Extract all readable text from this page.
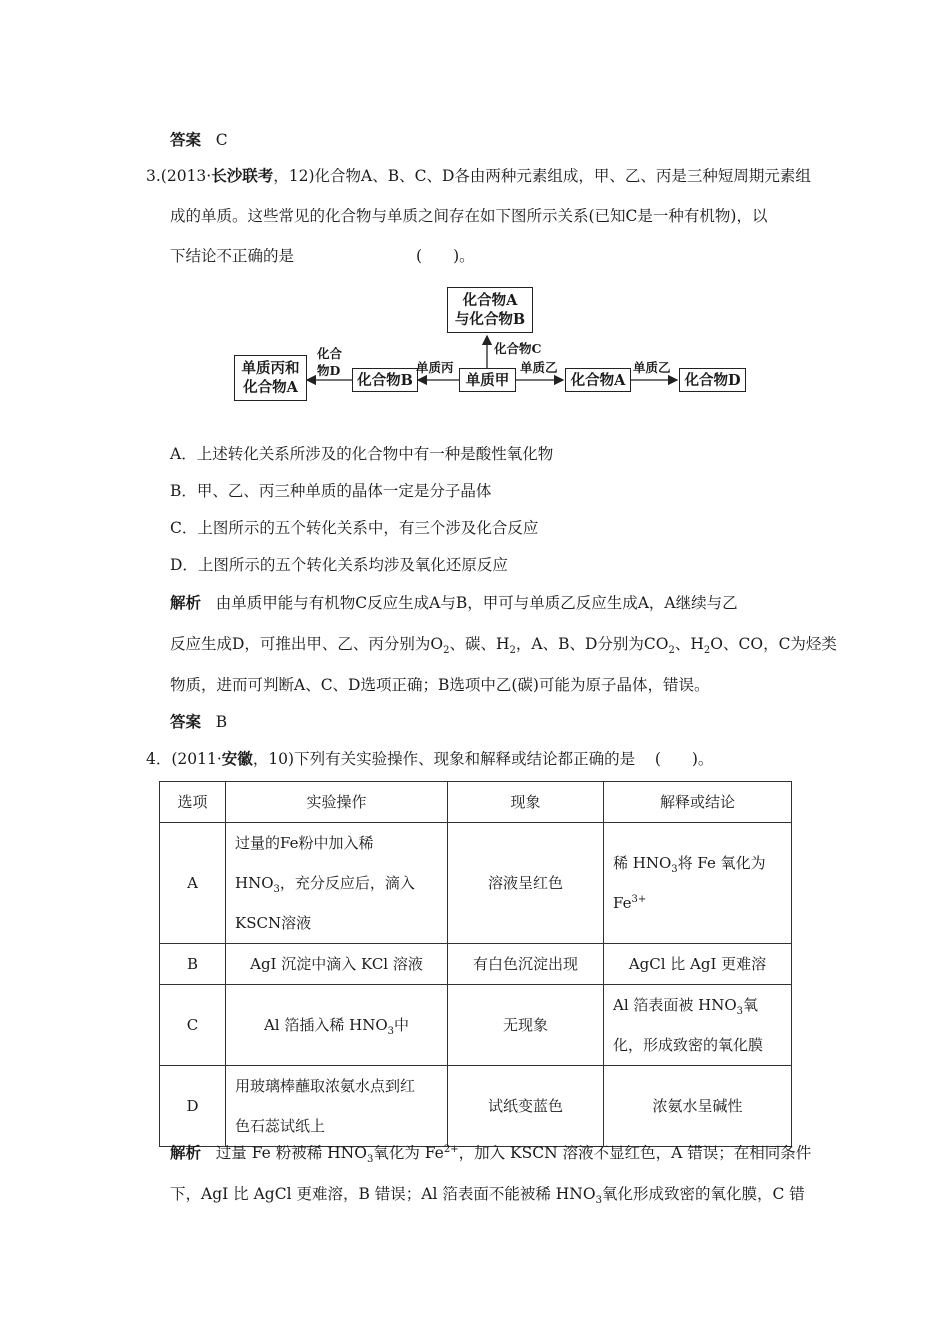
答案 C
3.(2013·长沙联考，12)化合物A、B、C、D各由两种元素组成，甲、乙、丙是三种短周期元素组
成的单质。这些常见的化合物与单质之间存在如下图所示关系(已知C是一种有机物)，以
下结论不正确的是	(　　)。
化合物A
与化合物B
单质丙和
化合物A	化合物B	单质甲	化合物A	化合物D
化合物C
单质丙
化合
物D	单质乙	单质乙
A．上述转化关系所涉及的化合物中有一种是酸性氧化物
B．甲、乙、丙三种单质的晶体一定是分子晶体
C．上图所示的五个转化关系中，有三个涉及化合反应
D．上图所示的五个转化关系均涉及氧化还原反应
解析 由单质甲能与有机物C反应生成A与B，甲可与单质乙反应生成A，A继续与乙
反应生成D，可推出甲、乙、丙分别为$O_2$、碳、$H_2$，A、B、D分别为$CO_2$、$H_2O$、CO，C为烃类
物质，进而可判断A、C、D选项正确；B选项中乙(碳)可能为原子晶体，错误。
答案 B
4．(2011·安徽，10)下列有关实验操作、现象和解释或结论都正确的是 (　　)。
选项	实验操作	现象	解释或结论
A	过量的Fe粉中加入稀
$HNO_3$，充分反应后，滴入
KSCN溶液	溶液呈红色	稀 $HNO_3$将 Fe 氧化为
$Fe^{3+}$
B	AgI 沉淀中滴入 KCl 溶液	有白色沉淀出现	AgCl 比 AgI 更难溶
C	Al 箔插入稀 $HNO_3$中	无现象	Al 箔表面被 $HNO_3$氧
化，形成致密的氧化膜
D	用玻璃棒蘸取浓氨水点到红
色石蕊试纸上	试纸变蓝色	浓氨水呈碱性
解析 过量 Fe 粉被稀 $HNO_3$氧化为 $Fe^{2+}$，加入 KSCN 溶液不显红色，A 错误；在相同条件
下，AgI 比 AgCl 更难溶，B 错误；Al 箔表面不能被稀 $HNO_3$氧化形成致密的氧化膜，C 错
